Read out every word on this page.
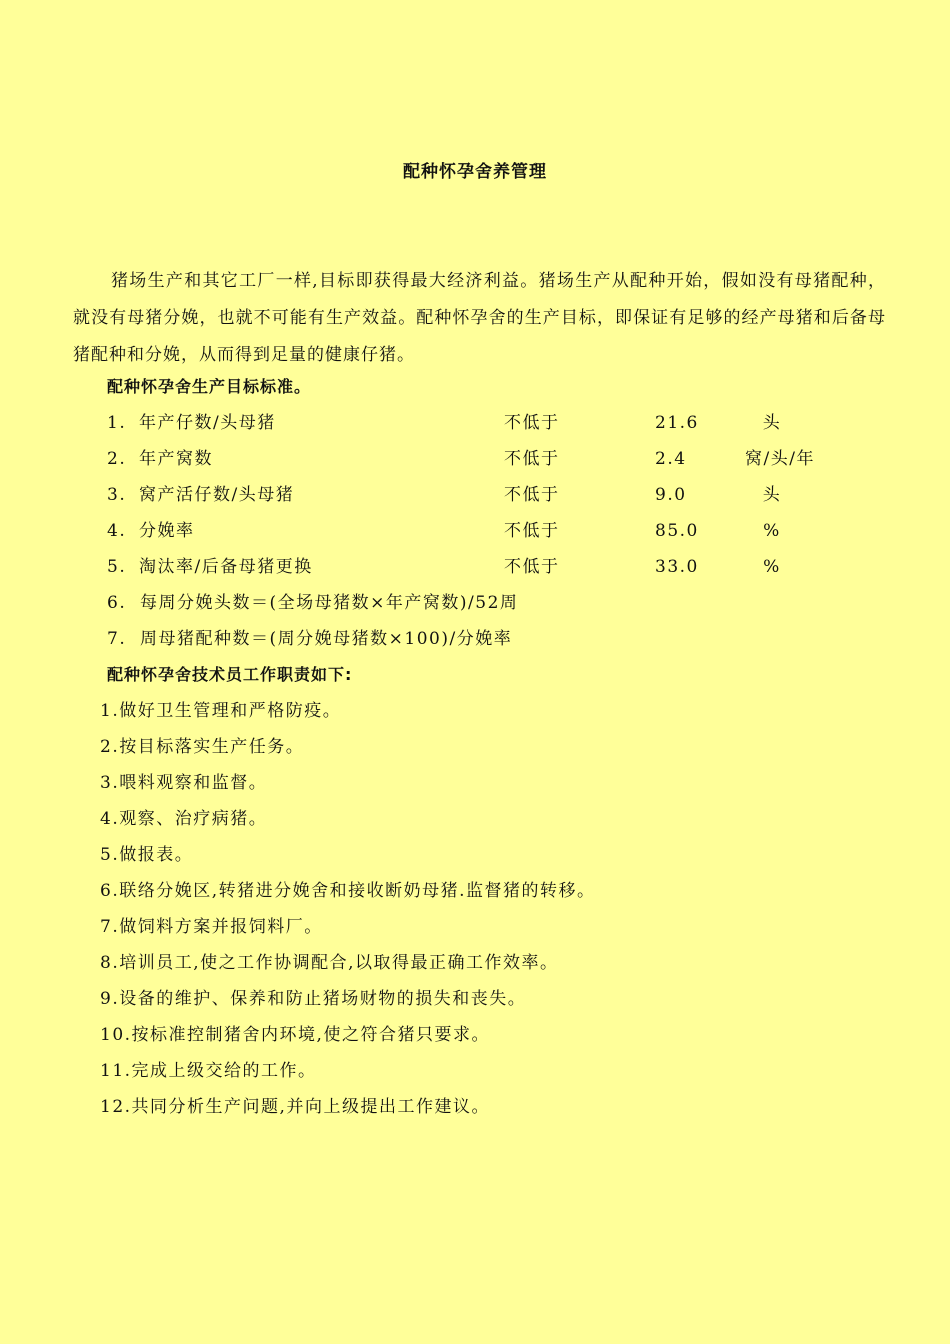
配种怀孕舍养管理

猪场生产和其它工厂一样,目标即获得最大经济利益。猪场生产从配种开始，假如没有母猪配种，就没有母猪分娩，也就不可能有生产效益。配种怀孕舍的生产目标，即保证有足够的经产母猪和后备母猪配种和分娩，从而得到足量的健康仔猪。

配种怀孕舍生产目标标准。
1. 年产仔数/头母猪	不低于	21.6	头
2. 年产窝数	不低于	2.4	窝/头/年
3. 窝产活仔数/头母猪	不低于	9.0	头
4. 分娩率	不低于	85.0	%
5. 淘汰率/后备母猪更换	不低于	33.0	%
6.  每周分娩头数＝(全场母猪数×年产窝数)/52周
7.  周母猪配种数＝(周分娩母猪数×100)/分娩率
配种怀孕舍技术员工作职责如下:
1.做好卫生管理和严格防疫。
2.按目标落实生产任务。
3.喂料观察和监督。
4.观察、治疗病猪。
5.做报表。
6.联络分娩区,转猪进分娩舍和接收断奶母猪.监督猪的转移。
7.做饲料方案并报饲料厂。
8.培训员工,使之工作协调配合,以取得最正确工作效率。
9.设备的维护、保养和防止猪场财物的损失和丧失。
10.按标准控制猪舍内环境,使之符合猪只要求。
11.完成上级交给的工作。
12.共同分析生产问题,并向上级提出工作建议。
